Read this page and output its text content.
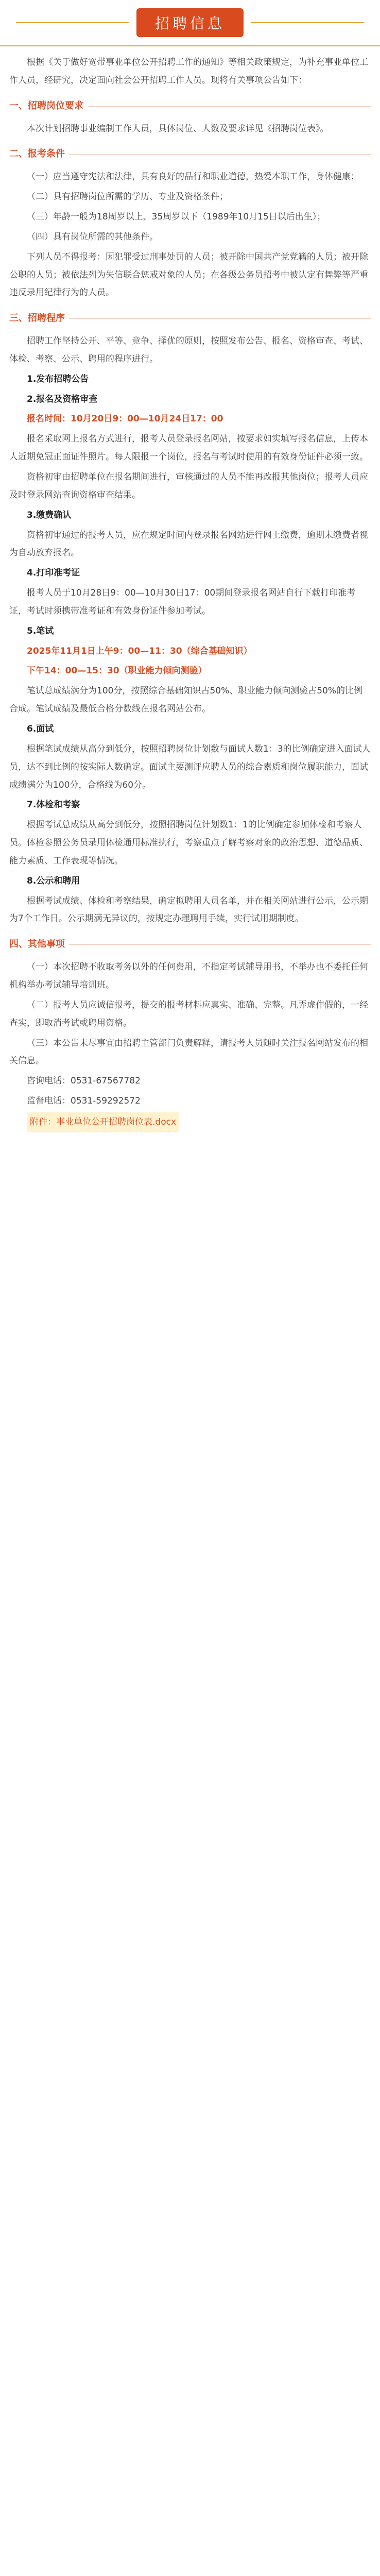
招聘信息

根据《关于做好宽带事业单位公开招聘工作的通知》等相关政策规定，为补充事业单位工作人员，经研究，决定面向社会公开招聘工作人员。现将有关事项公告如下：

一、招聘岗位要求

本次计划招聘事业编制工作人员，具体岗位、人数及要求详见《招聘岗位表》。

二、报考条件

（一）应当遵守宪法和法律，具有良好的品行和职业道德，热爱本职工作，身体健康；

（二）具有招聘岗位所需的学历、专业及资格条件；

（三）年龄一般为18周岁以上、35周岁以下（1989年10月15日以后出生）；

（四）具有岗位所需的其他条件。

下列人员不得报考：因犯罪受过刑事处罚的人员；被开除中国共产党党籍的人员；被开除公职的人员；被依法列为失信联合惩戒对象的人员；在各级公务员招考中被认定有舞弊等严重违反录用纪律行为的人员。

三、招聘程序

招聘工作坚持公开、平等、竞争、择优的原则，按照发布公告、报名、资格审查、考试、体检、考察、公示、聘用的程序进行。

1.发布招聘公告

2.报名及资格审查

报名时间：10月20日9：00—10月24日17：00

报名采取网上报名方式进行，报考人员登录报名网站，按要求如实填写报名信息，上传本人近期免冠正面证件照片。每人限报一个岗位，报名与考试时使用的有效身份证件必须一致。

资格初审由招聘单位在报名期间进行，审核通过的人员不能再改报其他岗位；报考人员应及时登录网站查询资格审查结果。

3.缴费确认

资格初审通过的报考人员，应在规定时间内登录报名网站进行网上缴费，逾期未缴费者视为自动放弃报名。

4.打印准考证

报考人员于10月28日9：00—10月30日17：00期间登录报名网站自行下载打印准考证，考试时须携带准考证和有效身份证件参加考试。

5.笔试

2025年11月1日上午9：00—11：30（综合基础知识）

下午14：00—15：30（职业能力倾向测验）

笔试总成绩满分为100分，按照综合基础知识占50%、职业能力倾向测验占50%的比例合成。笔试成绩及最低合格分数线在报名网站公布。

6.面试

根据笔试成绩从高分到低分，按照招聘岗位计划数与面试人数1：3的比例确定进入面试人员，达不到比例的按实际人数确定。面试主要测评应聘人员的综合素质和岗位履职能力，面试成绩满分为100分，合格线为60分。

7.体检和考察

根据考试总成绩从高分到低分，按照招聘岗位计划数1：1的比例确定参加体检和考察人员。体检参照公务员录用体检通用标准执行，考察重点了解考察对象的政治思想、道德品质、能力素质、工作表现等情况。

8.公示和聘用

根据考试成绩、体检和考察结果，确定拟聘用人员名单，并在相关网站进行公示，公示期为7个工作日。公示期满无异议的，按规定办理聘用手续，实行试用期制度。

四、其他事项

（一）本次招聘不收取考务以外的任何费用，不指定考试辅导用书，不举办也不委托任何机构举办考试辅导培训班。

（二）报考人员应诚信报考，提交的报考材料应真实、准确、完整。凡弄虚作假的，一经查实，即取消考试或聘用资格。

（三）本公告未尽事宜由招聘主管部门负责解释，请报考人员随时关注报名网站发布的相关信息。

咨询电话：0531-67567782

监督电话：0531-59292572

附件：事业单位公开招聘岗位表.docx
